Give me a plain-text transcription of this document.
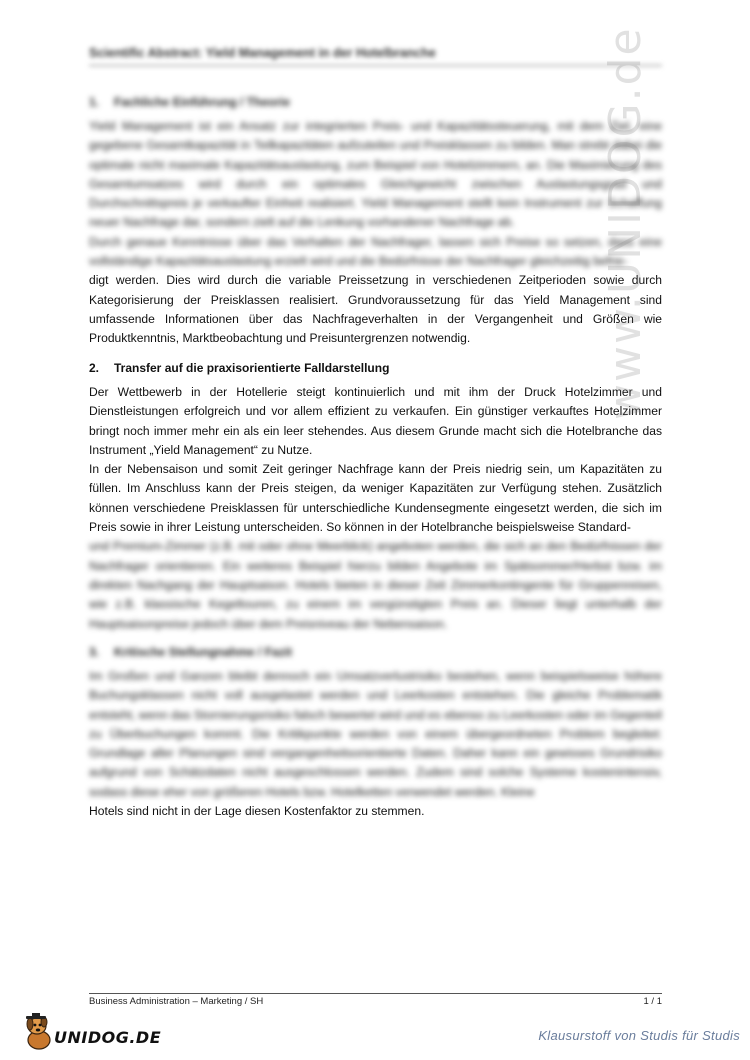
Scientific Abstract: Yield Management in der Hotelbranche
1. Fachliche Einführung / Theorie

Yield Management ist ein Ansatz zur integrierten Preis- und Kapazitätssteuerung, mit dem Ziel, eine gegebene Gesamtkapazität in Teilkapazitäten aufzuteilen und Preisklassen zu bilden. Man strebt dabei die optimale nicht maximale Kapazitätsauslastung, zum Beispiel von Hotelzimmern, an. Die Maximierung des Gesamtumsatzes wird durch ein optimales Gleichgewicht zwischen Auslastungsgrad und Durchschnittspreis je verkaufter Einheit realisiert. Yield Management stellt kein Instrument zur Schaffung neuer Nachfrage dar, sondern zielt auf die Lenkung vorhandener Nachfrage ab.

Durch genaue Kenntnisse über das Verhalten der Nachfrager, lassen sich Preise so setzen, dass eine vollständige Kapazitätsauslastung erzielt wird und die Bedürfnisse der Nachfrager gleichzeitig befrie-

digt werden. Dies wird durch die variable Preissetzung in verschiedenen Zeitperioden sowie durch Kategorisierung der Preisklassen realisiert. Grundvoraussetzung für das Yield Management sind umfassende Informationen über das Nachfrageverhalten in der Vergangenheit und Größen wie Produktkenntnis, Marktbeobachtung und Preisuntergrenzen notwendig.

2. Transfer auf die praxisorientierte Falldarstellung

Der Wettbewerb in der Hotellerie steigt kontinuierlich und mit ihm der Druck Hotelzimmer und Dienstleistungen erfolgreich und vor allem effizient zu verkaufen. Ein günstiger verkauftes Hotelzimmer bringt noch immer mehr ein als ein leer stehendes. Aus diesem Grunde macht sich die Hotelbranche das Instrument „Yield Management“ zu Nutze.

In der Nebensaison und somit Zeit geringer Nachfrage kann der Preis niedrig sein, um Kapazitäten zu füllen. Im Anschluss kann der Preis steigen, da weniger Kapazitäten zur Verfügung stehen. Zusätzlich können verschiedene Preisklassen für unterschiedliche Kundensegmente eingesetzt werden, die sich im Preis sowie in ihrer Leistung unterscheiden. So können in der Hotelbranche beispielsweise Standard-

und Premium-Zimmer (z.B. mit oder ohne Meerblick) angeboten werden, die sich an den Bedürfnissen der Nachfrager orientieren. Ein weiteres Beispiel hierzu bilden Angebote im Spätsommer/Herbst bzw. im direkten Nachgang der Hauptsaison. Hotels bieten in dieser Zeit Zimmerkontingente für Gruppenreisen, wie z.B. klassische Kegeltouren, zu einem im vergünstigten Preis an. Dieser liegt unterhalb der Hauptsaisonpreise jedoch über dem Preisniveau der Nebensaison.

3. Kritische Stellungnahme / Fazit

Im Großen und Ganzen bleibt dennoch ein Umsatzverlustrisiko bestehen, wenn beispielsweise höhere Buchungsklassen nicht voll ausgelastet werden und Leerkosten entstehen. Die gleiche Problematik entsteht, wenn das Stornierungsrisiko falsch bewertet wird und es ebenso zu Leerkosten oder im Gegenteil zu Überbuchungen kommt. Die Kritikpunkte werden von einem übergeordneten Problem begleitet: Grundlage aller Planungen sind vergangenheitsorientierte Daten. Daher kann ein gewisses Grundrisiko aufgrund von Schätzdaten nicht ausgeschlossen werden. Zudem sind solche Systeme kostenintensiv, sodass diese eher von größeren Hotels bzw. Hotelketten verwendet werden. Kleine

Hotels sind nicht in der Lage diesen Kostenfaktor zu stemmen.

www.UNIDOG.de
Business Administration – Marketing / SH	1 / 1
UNIDOG.DE	Klausurstoff von Studis für Studis
